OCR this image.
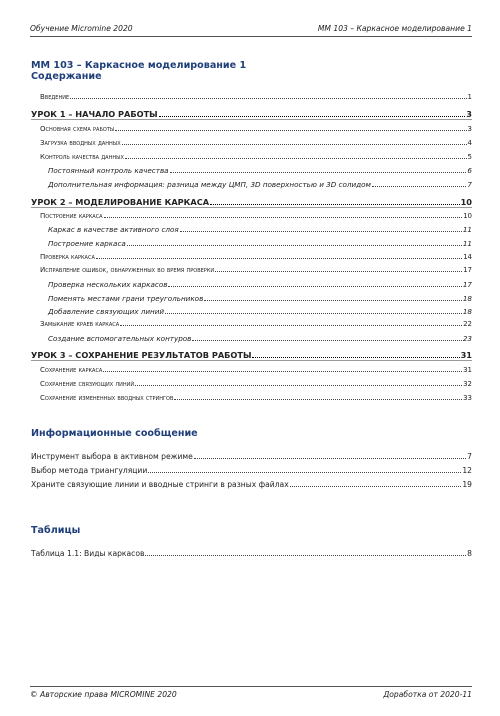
Обучение Micromine 2020	MM 103 – Каркасное моделирование 1
MM 103 – Каркасное моделирование 1
Содержание
Введение	1
УРОК 1 – НАЧАЛО РАБОТЫ	3
Основная схема работы	3
Загрузка вводных данных	4
Контроль качества данных	5
Постоянный контроль качества	6
Дополнительная информация: разница между ЦМП, 3D поверхностью и 3D солидом	7
УРОК 2 – МОДЕЛИРОВАНИЕ КАРКАСА	10
Построение каркаса	10
Каркас в качестве активного слоя	11
Построение каркаса	11
Проверка каркаса	14
Исправление ошибок, обнаруженных во время проверки	17
Проверка нескольких каркасов	17
Поменять местами грани треугольников	18
Добавление связующих линий	18
Замыкание краев каркаса	22
Создание вспомогательных контуров	23
УРОК 3 – СОХРАНЕНИЕ РЕЗУЛЬТАТОВ РАБОТЫ	31
Сохранение каркаса	31
Сохранение связующих линий	32
Сохранение измененных вводных стрингов	33
Информационные сообщение
Инструмент выбора в активном режиме	7
Выбор метода триангуляции	12
Храните связующие линии и вводные стринги в разных файлах	19
Таблицы
Таблица 1.1: Виды каркасов	8
© Авторские права MICROMINE 2020	Доработка от 2020-11
